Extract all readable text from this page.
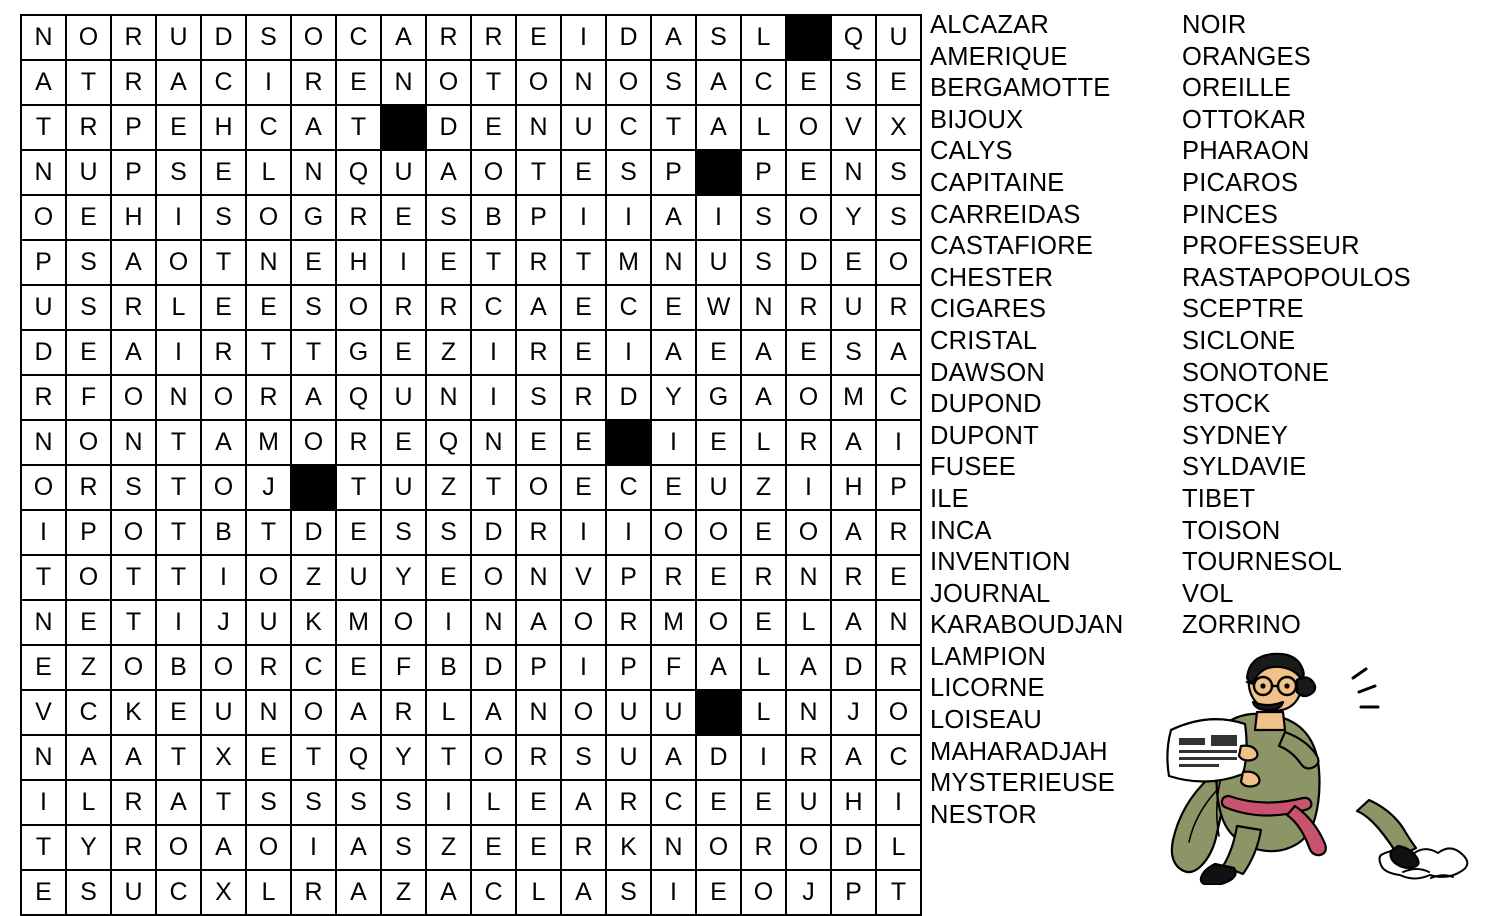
N	O	R	U	D	S	O	C	A	R	R	E	I	D	A	S	L		Q	U
A	T	R	A	C	I	R	E	N	O	T	O	N	O	S	A	C	E	S	E
T	R	P	E	H	C	A	T		D	E	N	U	C	T	A	L	O	V	X
N	U	P	S	E	L	N	Q	U	A	O	T	E	S	P		P	E	N	S
O	E	H	I	S	O	G	R	E	S	B	P	I	I	A	I	S	O	Y	S
P	S	A	O	T	N	E	H	I	E	T	R	T	M	N	U	S	D	E	O
U	S	R	L	E	E	S	O	R	R	C	A	E	C	E	W	N	R	U	R
D	E	A	I	R	T	T	G	E	Z	I	R	E	I	A	E	A	E	S	A
R	F	O	N	O	R	A	Q	U	N	I	S	R	D	Y	G	A	O	M	C
N	O	N	T	A	M	O	R	E	Q	N	E	E		I	E	L	R	A	I
O	R	S	T	O	J		T	U	Z	T	O	E	C	E	U	Z	I	H	P
I	P	O	T	B	T	D	E	S	S	D	R	I	I	O	O	E	O	A	R
T	O	T	T	I	O	Z	U	Y	E	O	N	V	P	R	E	R	N	R	E
N	E	T	I	J	U	K	M	O	I	N	A	O	R	M	O	E	L	A	N
E	Z	O	B	O	R	C	E	F	B	D	P	I	P	F	A	L	A	D	R
V	C	K	E	U	N	O	A	R	L	A	N	O	U	U		L	N	J	O
N	A	A	T	X	E	T	Q	Y	T	O	R	S	U	A	D	I	R	A	C
I	L	R	A	T	S	S	S	S	I	L	E	A	R	C	E	E	U	H	I
T	Y	R	O	A	O	I	A	S	Z	E	E	R	K	N	O	R	O	D	L
E	S	U	C	X	L	R	A	Z	A	C	L	A	S	I	E	O	J	P	T
ALCAZAR
AMERIQUE
BERGAMOTTE
BIJOUX
CALYS
CAPITAINE
CARREIDAS
CASTAFIORE
CHESTER
CIGARES
CRISTAL
DAWSON
DUPOND
DUPONT
FUSEE
ILE
INCA
INVENTION
JOURNAL
KARABOUDJAN
LAMPION
LICORNE
LOISEAU
MAHARADJAH
MYSTERIEUSE
NESTOR
NOIR
ORANGES
OREILLE
OTTOKAR
PHARAON
PICAROS
PINCES
PROFESSEUR
RASTAPOPOULOS
SCEPTRE
SICLONE
SONOTONE
STOCK
SYDNEY
SYLDAVIE
TIBET
TOISON
TOURNESOL
VOL
ZORRINO
